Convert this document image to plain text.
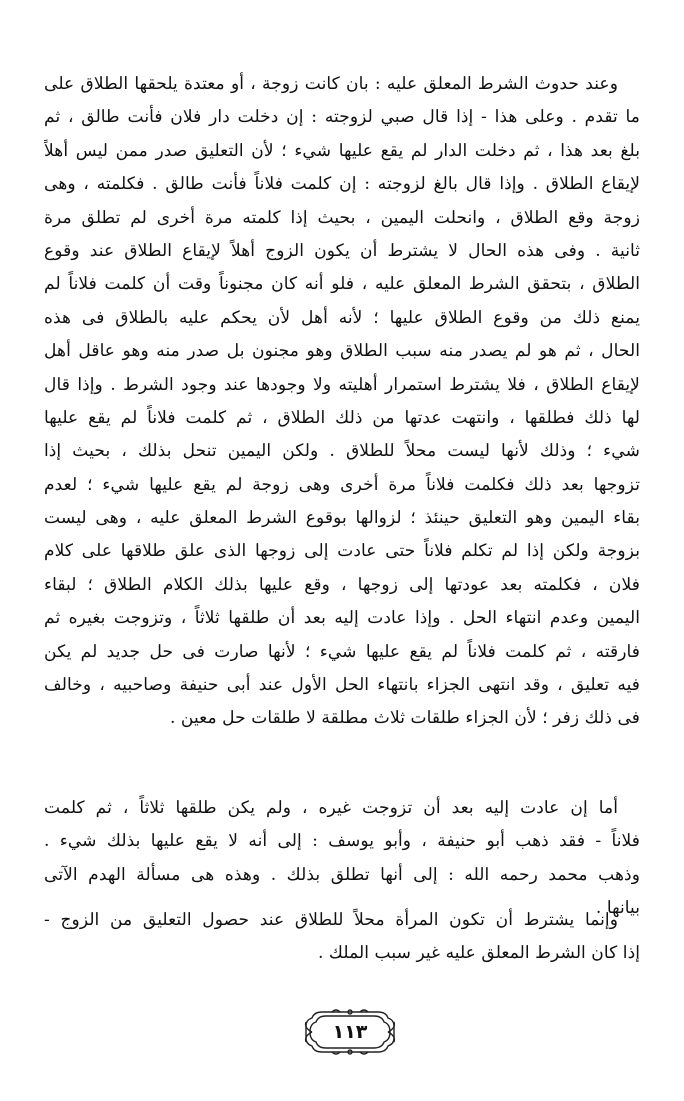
وعند حدوث الشرط المعلق عليه : بان كانت زوجة ، أو معتدة يلحقها الطلاق على
ما تقدم . وعلى هذا - إذا قال صبي لزوجته : إن دخلت دار فلان فأنت طالق ، ثم
بلغ بعد هذا ، ثم دخلت الدار لم يقع عليها شيء ؛ لأن التعليق صدر ممن ليس أهلاً
لإيقاع الطلاق . وإذا قال بالغ لزوجته : إن كلمت فلاناً فأنت طالق . فكلمته ، وهى
زوجة وقع الطلاق ، وانحلت اليمين ، بحيث إذا كلمته مرة أخرى لم تطلق مرة
ثانية . وفى هذه الحال لا يشترط أن يكون الزوج أهلاً لإيقاع الطلاق عند وقوع
الطلاق ، بتحقق الشرط المعلق عليه ، فلو أنه كان مجنوناً وقت أن كلمت فلاناً لم
يمنع ذلك من وقوع الطلاق عليها ؛ لأنه أهل لأن يحكم عليه بالطلاق فى هذه
الحال ، ثم هو لم يصدر منه سبب الطلاق وهو مجنون بل صدر منه وهو عاقل أهل
لإيقاع الطلاق ، فلا يشترط استمرار أهليته ولا وجودها عند وجود الشرط . وإذا قال
لها ذلك فطلقها ، وانتهت عدتها من ذلك الطلاق ، ثم كلمت فلاناً لم يقع عليها
شيء ؛ وذلك لأنها ليست محلاً للطلاق . ولكن اليمين تنحل بذلك ، بحيث إذا
تزوجها بعد ذلك فكلمت فلاناً مرة أخرى وهى زوجة لم يقع عليها شيء ؛ لعدم
بقاء اليمين وهو التعليق حينئذ ؛ لزوالها بوقوع الشرط المعلق عليه ، وهى ليست
بزوجة ولكن إذا لم تكلم فلاناً حتى عادت إلى زوجها الذى علق طلاقها على كلام
فلان ، فكلمته بعد عودتها إلى زوجها ، وقع عليها بذلك الكلام الطلاق ؛ لبقاء
اليمين وعدم انتهاء الحل . وإذا عادت إليه بعد أن طلقها ثلاثاً ، وتزوجت بغيره ثم
فارقته ، ثم كلمت فلاناً لم يقع عليها شيء ؛ لأنها صارت فى حل جديد لم يكن
فيه تعليق ، وقد انتهى الجزاء بانتهاء الحل الأول عند أبى حنيفة وصاحبيه ، وخالف
فى ذلك زفر ؛ لأن الجزاء طلقات ثلاث مطلقة لا طلقات حل معين .
أما إن عادت إليه بعد أن تزوجت غيره ، ولم يكن طلقها ثلاثاً ، ثم كلمت
فلاناً - فقد ذهب أبو حنيفة ، وأبو يوسف : إلى أنه لا يقع عليها بذلك شيء .
وذهب محمد رحمه الله : إلى أنها تطلق بذلك . وهذه هى مسألة الهدم الآتى
بيانها .
وإنما يشترط أن تكون المرأة محلاً للطلاق عند حصول التعليق من الزوج -
إذا كان الشرط المعلق عليه غير سبب الملك .
١١٣
